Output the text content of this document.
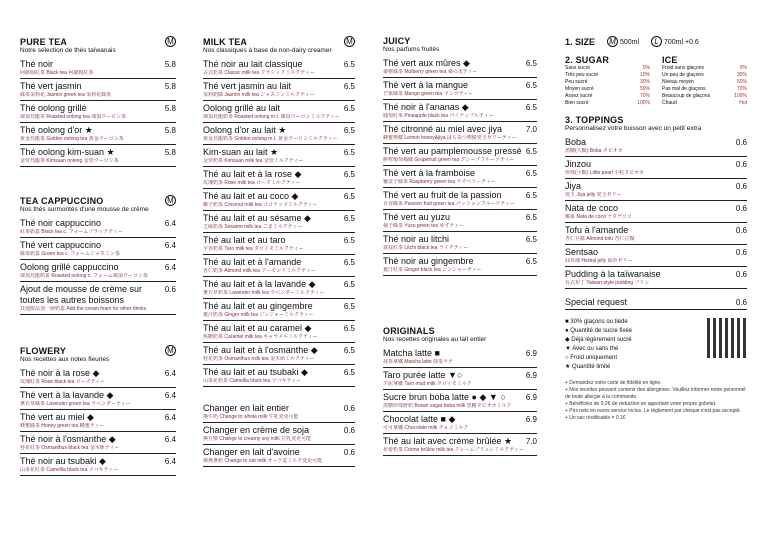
PURE TEA	M
Notre sélection de thés taïwanais
Thé noir	5.8
阿薩姆紅茶 Black tea 阿薩姆紅茶
Thé vert jasmin	5.8
綠茶茉莉花 Jasmin green tea 茉莉花綠茶
Thé oolong grillé	5.8
凍頂烏龍茶 Roasted oolong tea 凍頂ウーロン茶
Thé oolong d'or ★	5.8
黃金烏龍茶 Golden oolong tea 黃金ウーロン茶
Thé oolong kim-suan ★	5.8
金萱烏龍茶 Kimsuan oolong 金萱ウーロン茶
TEA CAPPUCCINO	M
Nos thés surmontés d'une mousse de crème
Thé noir cappuccino	6.4
紅茶奶蓋 Black tea c. フォームブラックティー
Thé vert cappuccino	6.4
綠茶奶蓋 Green tea c. フォームジャスミン茶
Oolong grillé cappuccino	6.4
凍頂烏龍奶蓋 Roasted oolong c. フォーム凍頂ウーロン茶
Ajout de mousse de crème sur toutes les autres boissons
0.6
其他飲品加一層奶蓋 Add the cream foam for other drinks
FLOWERY	M
Nos recettes aux notes fleuries
Thé noir à la rose ◆	6.4
玫瑰紅茶 Rose black tea ローズティー
Thé vert à la lavande ◆	6.4
薰衣草綠茶 Lavender green tea ラベンダーティー
Thé vert au miel ◆	6.4
蜂蜜綠茶 Honey green tea 蜂蜜ティー
Thé noir à l'osmanthe ◆	6.4
桂花紅茶 Osmanthus black tea 金木犀ティー
Thé noir au tsubaki ◆	6.4
山茶花紅茶 Camellia black tea ツバキティー
MILK TEA	M
Nos classiques à base de non-dairy creamer
Thé noir au lait classique	6.5
古式奶茶 Classic milk tea クラシックミルクティー
Thé vert jasmin au lait	6.5
茉莉奶綠 Jasmin milk tea ジャスミンミルクティー
Oolong grillé au lait	6.5
凍頂烏龍奶茶 Roasted oolong m.t. 凍頂ウーロンミルクティー
Oolong d'or au lait ★	6.5
黃金烏龍奶茶 Golden oolong m.t. 黃金ウーロンミルクティー
Kim-suan au lait ★	6.5
金萱奶茶 Kimsuan milk tea 金萱ミルクティー
Thé au lait et à la rose ◆	6.5
玫瑰奶茶 Rose milk tea ローズミルクティー
Thé au lait et au coco ◆	6.5
椰子奶茶 Coconut milk tea ココナッツミルクティー
Thé au lait et au sésame ◆	6.5
芝麻奶茶 Sesame milk tea ごまミルクティー
Thé au lait et au taro	6.5
芋香奶茶 Taro milk tea タロイモミルクティー
Thé au lait et à l'amande	6.5
杏仁奶茶 Almond milk tea アーモンドミルクティー
Thé au lait et à la lavande ◆	6.5
薰衣草奶茶 Lavender milk tea ラベンダーミルクティー
Thé au lait et au gingembre	6.5
薑汁奶茶 Ginger milk tea ジンジャーミルクティー
Thé au lait et au caramel ◆	6.5
焦糖奶茶 Caramel milk tea キャラメルミルクティー
Thé au lait et à l'osmanthe ◆	6.5
桂花奶茶 Osmanthus milk tea 金木犀ミルクティー
Thé au lait et au tsubaki ◆	6.5
山茶花奶茶 Camellia black tea ツバキティー
Changer en lait entier	0.6
換牛奶 Change to whole milk 牛乳変更可能
Changer en crème de soja	0.6
換豆漿 Change to creamy soy milk 豆乳変更可能
Changer en lait d'avoine	0.6
換燕麥奶 Change to oat milk オーツ麦ミルク変更可能
JUICY
Nos parfums fruités
Thé vert aux mûres ◆	6.5
桑椹綠茶 Mulberry green tea 桑の実ティー
Thé vert à la mangue	6.5
芒果綠茶 Mango green tea マンゴティー
Thé noir à l'ananas ◆	6.5
鳳梨紅茶 Pineapple black tea パイナップルティー
Thé citronné au miel avec jiya	7.0
蜂蜜檸檬 Lemon honey&jiya はちみつ檸檬愛玉ゼリーティー
Thé vert au pamplemousse pressé 6.5
鮮榨葡萄柚綠 Grapefruit green tea グレープフルーツティー
Thé vert à la framboise	6.5
覆盆子綠茶 Raspberry green tea ラズベリーティー
Thé vert au fruit de la passion	6.5
百香綠茶 Passion fruit green tea パッションフルーツティー
Thé vert au yuzu	6.5
柚子綠茶 Yuzu green tea ゆずティー
Thé noir au litchi	6.5
荔枝紅茶 Litchi black tea ライチティー
Thé noir au gingembre	6.5
薑汁紅茶 Ginger black tea ジンジャーティー
ORIGINALS
Nos recettes originales au lait entier
Matcha latte ■	6.9
抹茶拿鐵 Matcha latte 抹茶ラテ
Taro purée latte ▼○	6.9
芋泥拿鐵 Taro mud milk タロイモミルク
Sucre brun boba latte ● ◆ ▼ ○	6.9
黑糖珍珠鮮奶 Brown sugar boba milk 黒糖タピオカミルク
Chocolat latte ■ ◆	6.9
可可拿鐵 Chocolate milk チョコミルク
Thé au lait avec crème brûlée ★ 7.0
布蕾奶茶 Crème brûlée milk tea クレームブリュレミルクティー
1. SIZE M 500ml	L 700ml +0.6
2. SUGAR
Sans sucré	0%
Très peu sucré	10%
Peu sucré	30%
Moyen sucré	50%
Assez sucré	70%
Bien sucré	100%
ICE
Froid sans glaçons	0%
Un peu de glaçons	30%
Niveau moyen	50%
Pas mal de glaçons	70%
Beaucoup de glaçons	100%
Chaud	Hot
3. TOPPINGS
Personnalisez votre boisson avec un petit extra
Boba	0.6
黑糖(大顆) Boba タピオカ
Jinzou	0.6
珍珠(小顆) Little pearl 小粒タピオカ
Jiya	0.6
愛玉 Jiya jelly 愛玉ゼリー
Nata de coco	0.6
椰果 Nata de coco ナタデココ
Tofu à l'amande	0.6
杏仁豆腐 Almond tofu 杏仁豆腐
Sentsao	0.6
仙草凍 Herbal jelly 仙草ゼリー
Pudding à la taïwanaise	0.6
台式布丁 Taiwan-style pudding プリン
Special request	0.6
■ 30% glaçons ou tiède
● Quantité de sucre fixée
◆ Déjà légèrement sucré
▼ Avec ou sans thé
○ Froid uniquement
★ Quantité limité
+ Demandez votre carte de fidélité en ligne.
+ Nos recettes peuvent contenir des allergènes. Veuillez informer notre personnel de toute allergie à la commande.
+ Bénéficiez de 0.2€ de réduction en apportant votre propre gobelet.
+ Prix nets en euros service inclus. Le règlement par chèque n'est pas accepté.
+ Un sac réutilisable = 0.1€
